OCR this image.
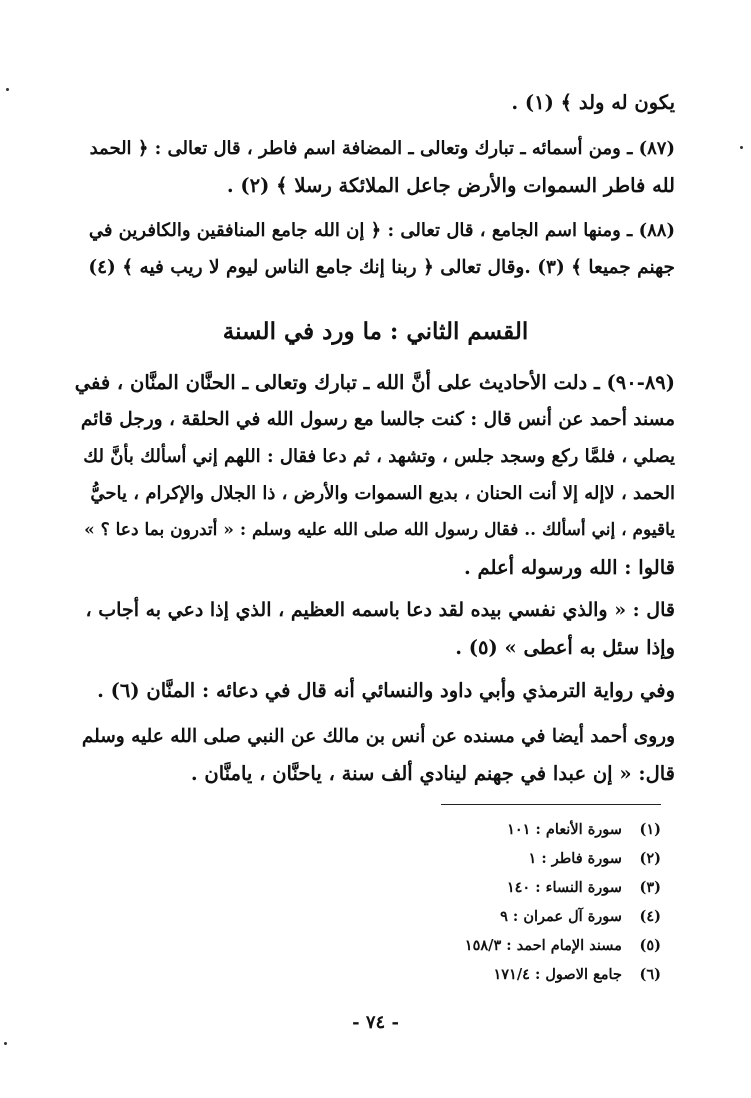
يكون له ولد ﴾ (١) .
(٨٧) ـ ومن أسمائه ـ تبارك وتعالى ـ المضافة اسم فاطر ، قال تعالى : ﴿ الحمد
لله فاطر السموات والأرض جاعل الملائكة رسلا ﴾ (٢) .
(٨٨) ـ ومنها اسم الجامع ، قال تعالى : ﴿ إن الله جامع المنافقين والكافرين في
جهنم جميعا ﴾ (٣) .وقال تعالى ﴿ ربنا إنك جامع الناس ليوم لا ريب فيه ﴾ (٤)
القسم الثاني : ما ورد في السنة
(٨٩-٩٠) ـ دلت الأحاديث على أنَّ الله ـ تبارك وتعالى ـ الحنَّان المنَّان ، ففي
مسند أحمد عن أنس قال : كنت جالسا مع رسول الله في الحلقة ، ورجل قائم
يصلي ، فلمَّا ركع وسجد جلس ، وتشهد ، ثم دعا فقال : اللهم إني أسألك بأنَّ لك
الحمد ، لاإله إلا أنت الحنان ، بديع السموات والأرض ، ذا الجلال والإكرام ، ياحيُّ
ياقيوم ، إني أسألك .. فقال رسول الله صلى الله عليه وسلم : « أتدرون بما دعا ؟ »
قالوا : الله ورسوله أعلم .
قال : « والذي نفسي بيده لقد دعا باسمه العظيم ، الذي إذا دعي به أجاب ،
وإذا سئل به أعطى » (٥) .
وفي رواية الترمذي وأبي داود والنسائي أنه قال في دعائه : المنَّان (٦) .
وروى أحمد أيضا في مسنده عن أنس بن مالك عن النبي صلى الله عليه وسلم
قال: « إن عبدا في جهنم لينادي ألف سنة ، ياحنَّان ، يامنَّان .
(١) سورة الأنعام : ١٠١
(٢) سورة فاطر : ١
(٣) سورة النساء : ١٤٠
(٤) سورة آل عمران : ٩
(٥) مسند الإمام احمد : ١٥٨/٣
(٦) جامع الاصول : ١٧١/٤
- ٧٤ -
